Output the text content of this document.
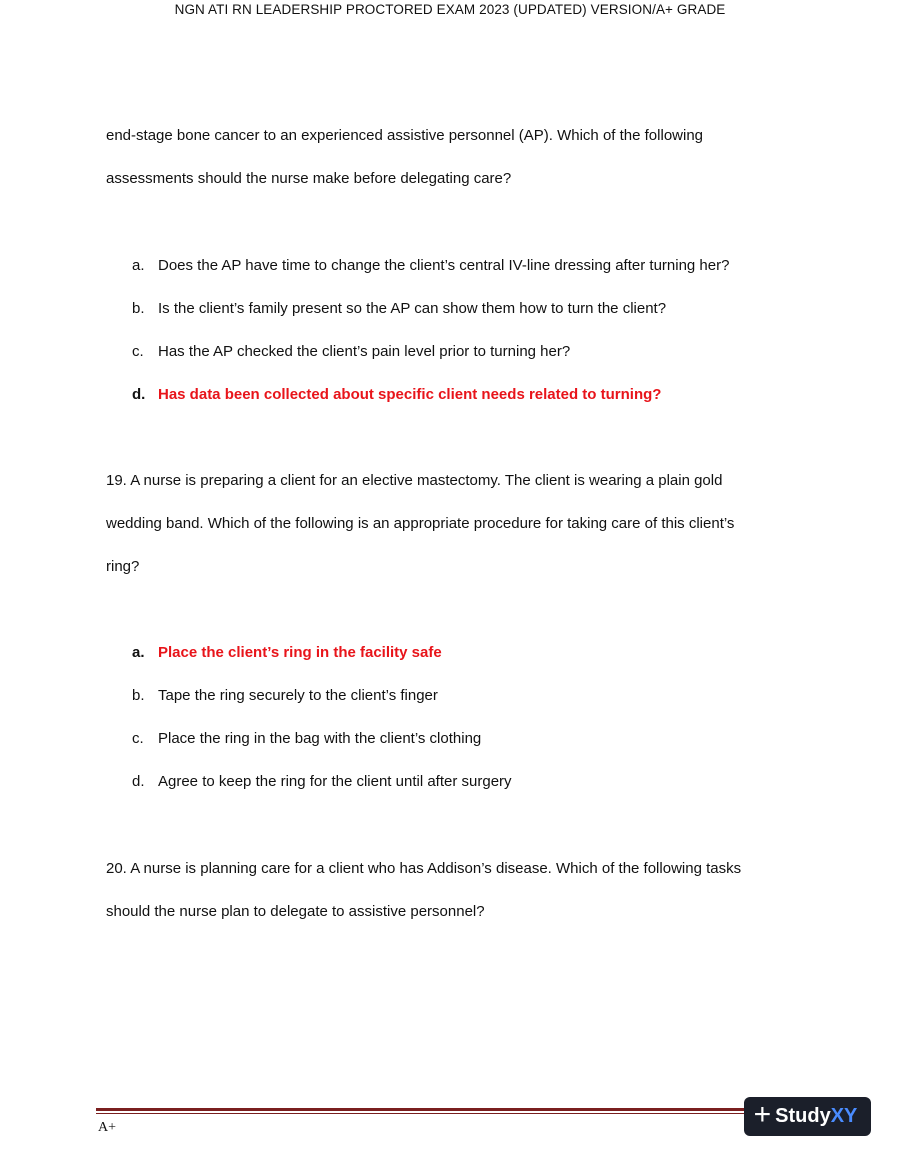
NGN ATI RN LEADERSHIP PROCTORED EXAM 2023 (UPDATED) VERSION/A+ GRADE
end-stage bone cancer to an experienced assistive personnel (AP). Which of the following
assessments should the nurse make before delegating care?
a. Does the AP have time to change the client’s central IV-line dressing after turning her?
b. Is the client’s family present so the AP can show them how to turn the client?
c. Has the AP checked the client’s pain level prior to turning her?
d. Has data been collected about specific client needs related to turning?
19. A nurse is preparing a client for an elective mastectomy. The client is wearing a plain gold
wedding band. Which of the following is an appropriate procedure for taking care of this client’s
ring?
a. Place the client’s ring in the facility safe
b. Tape the ring securely to the client’s finger
c. Place the ring in the bag with the client’s clothing
d. Agree to keep the ring for the client until after surgery
20. A nurse is planning care for a client who has Addison’s disease. Which of the following tasks
should the nurse plan to delegate to assistive personnel?
A+	+ Study XY
